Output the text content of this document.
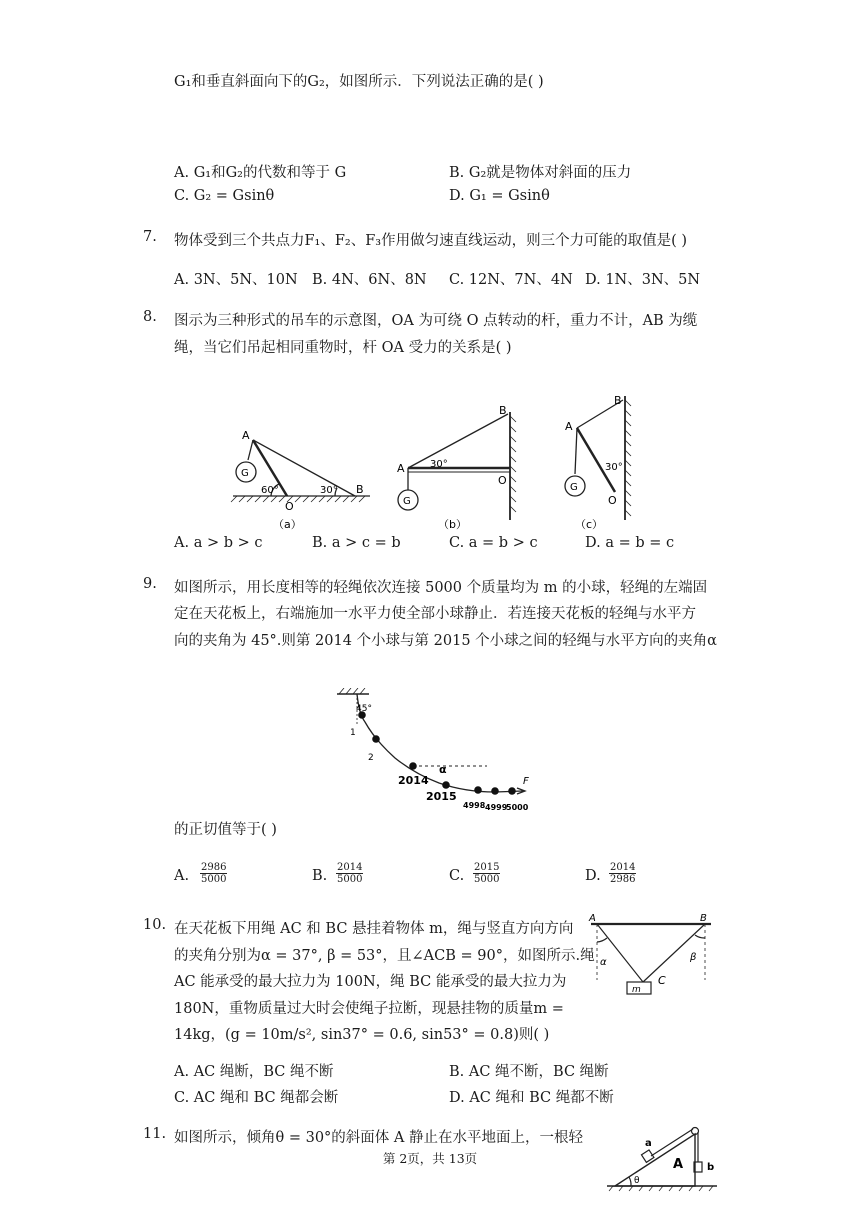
G₁和垂直斜面向下的G₂，如图所示．下列说法正确的是( )
A. G₁和G₂的代数和等于 G	B. G₂就是物体对斜面的压力
C. G₂ = Gsinθ	D. G₁ = Gsinθ
7. 物体受到三个共点力F₁、F₂、F₃作用做匀速直线运动，则三个力可能的取值是( )
A. 3N、5N、10N B. 4N、6N、8N C. 12N、7N、4N D. 1N、3N、5N
8. 图示为三种形式的吊车的示意图，OA 为可绕 O 点转动的杆，重力不计，AB 为缆
绳，当它们吊起相同重物时，杆 OA 受力的关系是( )
A
G
60°
O
30° B
（a）
A
B
30°
O
G
（b）
A
B
30°
O
G
（c）
A. a > b > c	B. a > c = b	C. a = b > c	D. a = b = c
9. 如图所示，用长度相等的轻绳依次连接 5000 个质量均为 m 的小球，轻绳的左端固
定在天花板上，右端施加一水平力使全部小球静止．若连接天花板的轻绳与水平方
向的夹角为 45°.则第 2014 个小球与第 2015 个小球之间的轻绳与水平方向的夹角α
45°
1
2
2014
α
2015
4998 4999
5000
F
的正切值等于( )
A. $\frac{2986}{5000}$	B. $\frac{2014}{5000}$	C. $\frac{2015}{5000}$	D. $\frac{2014}{2986}$
10. 在天花板下用绳 AC 和 BC 悬挂着物体 m，绳与竖直方向方向
的夹角分别为α = 37°, β = 53°，且∠ACB = 90°，如图所示.绳
AC 能承受的最大拉力为 100N，绳 BC 能承受的最大拉力为
180N，重物质量过大时会使绳子拉断，现悬挂物的质量m =
14kg，(g = 10m/s², sin37° = 0.6, sin53° = 0.8)则( )
A	B
α	β
m
C
A. AC 绳断，BC 绳不断	B. AC 绳不断，BC 绳断
C. AC 绳和 BC 绳都会断	D. AC 绳和 BC 绳都不断
11. 如图所示，倾角θ = 30°的斜面体 A 静止在水平地面上，一根轻	a
A b
θ
第 2页，共 13页
